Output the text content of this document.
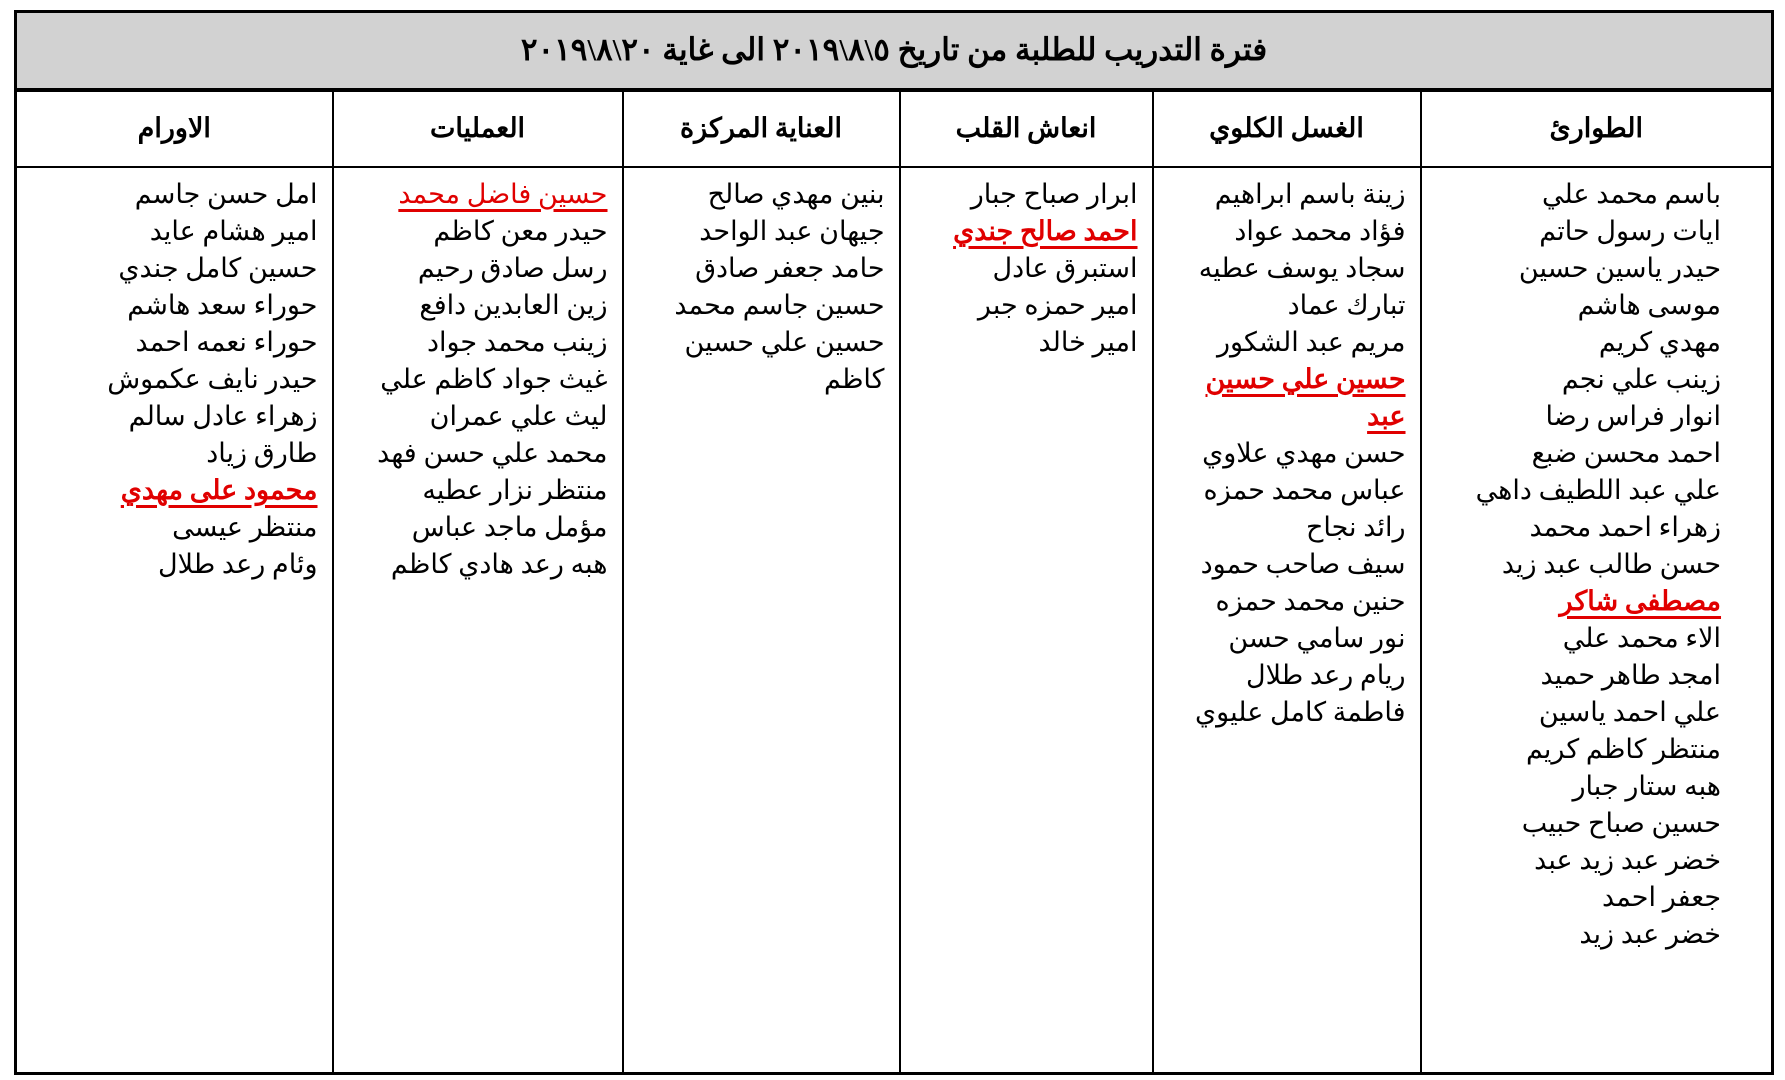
فترة التدريب للطلبة من تاريخ ٥\٨\٢٠١٩ الى غاية ٢٠\٨\٢٠١٩					
الطوارئ	الغسل الكلوي	انعاش القلب	العناية المركزة	العمليات	الاورام

باسم محمد علي
ايات رسول حاتم
حيدر ياسين حسين
موسى هاشم
مهدي كريم
زينب علي نجم
انوار فراس رضا
احمد محسن ضبع
علي عبد اللطيف داهي
زهراء احمد محمد
حسن طالب عبد زيد
مصطفى شاكر
الاء محمد علي
امجد طاهر حميد
علي احمد ياسين
منتظر كاظم كريم
هبه ستار جبار
حسين صباح حبيب
خضر عبد زيد عبد
جعفر احمد
خضر عبد زيد

زينة باسم ابراهيم
فؤاد محمد عواد
سجاد يوسف عطيه
تبارك عماد
مريم عبد الشكور
حسين علي حسين عبد
حسن مهدي علاوي
عباس محمد حمزه
رائد نجاح
سيف صاحب حمود
حنين محمد حمزه
نور سامي حسن
ريام رعد طلال
فاطمة كامل عليوي

ابرار صباح جبار
احمد صالح جندي
استبرق عادل
امير حمزه جبر
امير خالد

بنين مهدي صالح
جيهان عبد الواحد
حامد جعفر صادق
حسين جاسم محمد
حسين علي حسين كاظم

حسين فاضل محمد
حيدر معن كاظم
رسل صادق رحيم
زين العابدين دافع
زينب محمد جواد
غيث جواد كاظم علي
ليث علي عمران
محمد علي حسن فهد
منتظر نزار عطيه
مؤمل ماجد عباس
هبه رعد هادي كاظم

امل حسن جاسم
امير هشام عايد
حسين كامل جندي
حوراء سعد هاشم
حوراء نعمه احمد
حيدر نايف عكموش
زهراء عادل سالم
طارق زياد
محمود على مهدي
منتظر عيسى
وئام رعد طلال
